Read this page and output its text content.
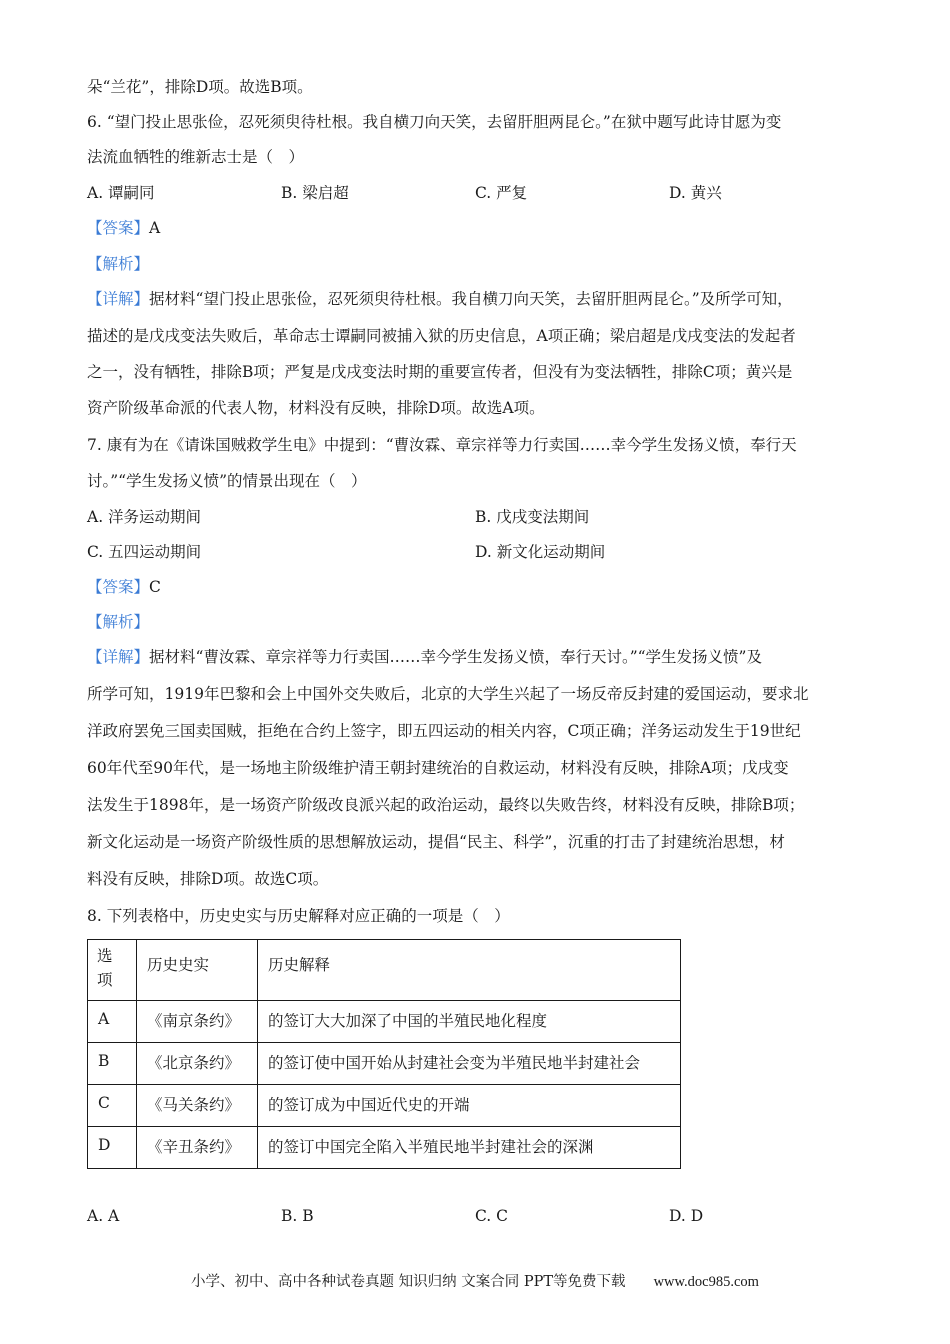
朵“兰花”，排除D项。故选B项。
6. “望门投止思张俭，忍死须臾待杜根。我自横刀向天笑，去留肝胆两昆仑。”在狱中题写此诗甘愿为变
法流血牺牲的维新志士是（　）
A. 谭嗣同	B. 梁启超	C. 严复	D. 黄兴
【答案】A
【解析】
【详解】据材料“望门投止思张俭，忍死须臾待杜根。我自横刀向天笑，去留肝胆两昆仑。”及所学可知，
描述的是戊戌变法失败后，革命志士谭嗣同被捕入狱的历史信息，A项正确；梁启超是戊戌变法的发起者
之一，没有牺牲，排除B项；严复是戊戌变法时期的重要宣传者，但没有为变法牺牲，排除C项；黄兴是
资产阶级革命派的代表人物，材料没有反映，排除D项。故选A项。
7. 康有为在《请诛国贼救学生电》中提到：“曹汝霖、章宗祥等力行卖国……幸今学生发扬义愤，奉行天
讨。”“学生发扬义愤”的情景出现在（　）
A. 洋务运动期间	B. 戊戌变法期间
C. 五四运动期间	D. 新文化运动期间
【答案】C
【解析】
【详解】据材料“曹汝霖、章宗祥等力行卖国……幸今学生发扬义愤，奉行天讨。”“学生发扬义愤”及
所学可知，1919年巴黎和会上中国外交失败后，北京的大学生兴起了一场反帝反封建的爱国运动，要求北
洋政府罢免三国卖国贼，拒绝在合约上签字，即五四运动的相关内容，C项正确；洋务运动发生于19世纪
60年代至90年代，是一场地主阶级维护清王朝封建统治的自救运动，材料没有反映，排除A项；戊戌变
法发生于1898年，是一场资产阶级改良派兴起的政治运动，最终以失败告终，材料没有反映，排除B项；
新文化运动是一场资产阶级性质的思想解放运动，提倡“民主、科学”，沉重的打击了封建统治思想，材
料没有反映，排除D项。故选C项。
8. 下列表格中，历史史实与历史解释对应正确的一项是（　）
选项	历史史实	历史解释
A	《南京条约》	的签订大大加深了中国的半殖民地化程度
B	《北京条约》	的签订使中国开始从封建社会变为半殖民地半封建社会
C	《马关条约》	的签订成为中国近代史的开端
D	《辛丑条约》	的签订中国完全陷入半殖民地半封建社会的深渊
A. A	B. B	C. C	D. D
小学、初中、高中各种试卷真题 知识归纳 文案合同 PPT等免费下载 www.doc985.com
